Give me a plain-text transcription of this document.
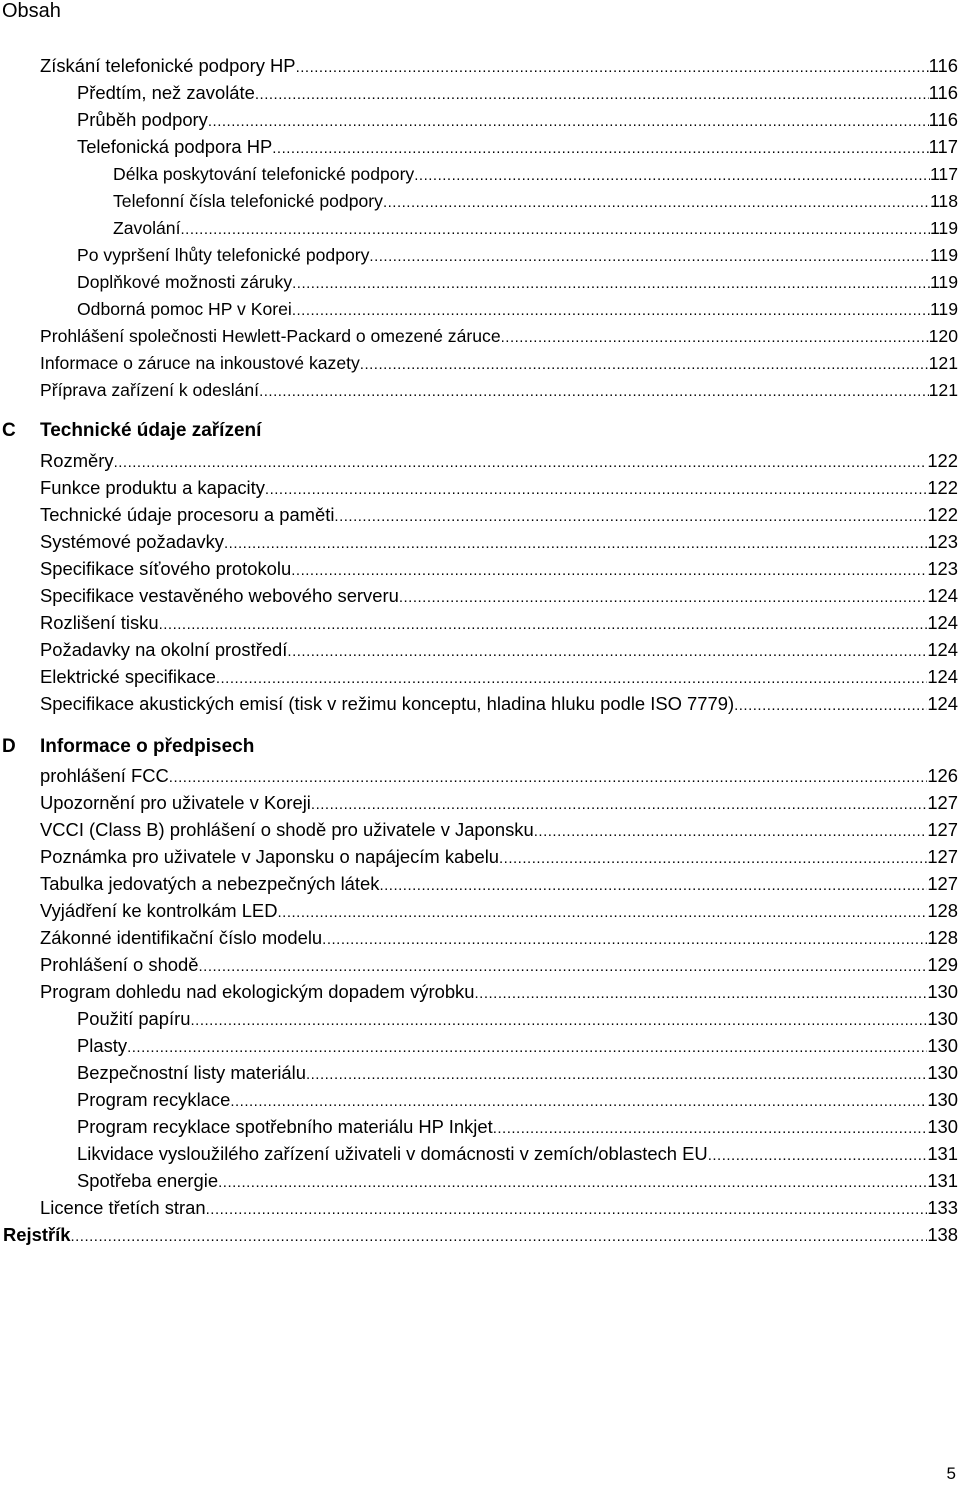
Obsah
Získání telefonické podpory HP .....	116
Předtím, než zavoláte .....	116
Průběh podpory .....	116
Telefonická podpora HP .....	117
Délka poskytování telefonické podpory .....	117
Telefonní čísla telefonické podpory .....	118
Zavolání .....	119
Po vypršení lhůty telefonické podpory .....	119
Doplňkové možnosti záruky .....	119
Odborná pomoc HP v Korei .....	119
Prohlášení společnosti Hewlett-Packard o omezené záruce .....	120
Informace o záruce na inkoustové kazety .....	121
Příprava zařízení k odeslání .....	121
C Technické údaje zařízení
Rozměry .....	122
Funkce produktu a kapacity .....	122
Technické údaje procesoru a paměti .....	122
Systémové požadavky .....	123
Specifikace síťového protokolu .....	123
Specifikace vestavěného webového serveru .....	124
Rozlišení tisku .....	124
Požadavky na okolní prostředí .....	124
Elektrické specifikace .....	124
Specifikace akustických emisí (tisk v režimu konceptu, hladina hluku podle ISO 7779) .....	124
D Informace o předpisech
prohlášení FCC .....	126
Upozornění pro uživatele v Koreji .....	127
VCCI (Class B) prohlášení o shodě pro uživatele v Japonsku .....	127
Poznámka pro uživatele v Japonsku o napájecím kabelu .....	127
Tabulka jedovatých a nebezpečných látek .....	127
Vyjádření ke kontrolkám LED .....	128
Zákonné identifikační číslo modelu .....	128
Prohlášení o shodě .....	129
Program dohledu nad ekologickým dopadem výrobku .....	130
Použití papíru .....	130
Plasty .....	130
Bezpečnostní listy materiálu .....	130
Program recyklace .....	130
Program recyklace spotřebního materiálu HP Inkjet .....	130
Likvidace vysloužilého zařízení uživateli v domácnosti v zemích/oblastech EU .....	131
Spotřeba energie .....	131
Licence třetích stran .....	133
Rejstřík .....	138
5
